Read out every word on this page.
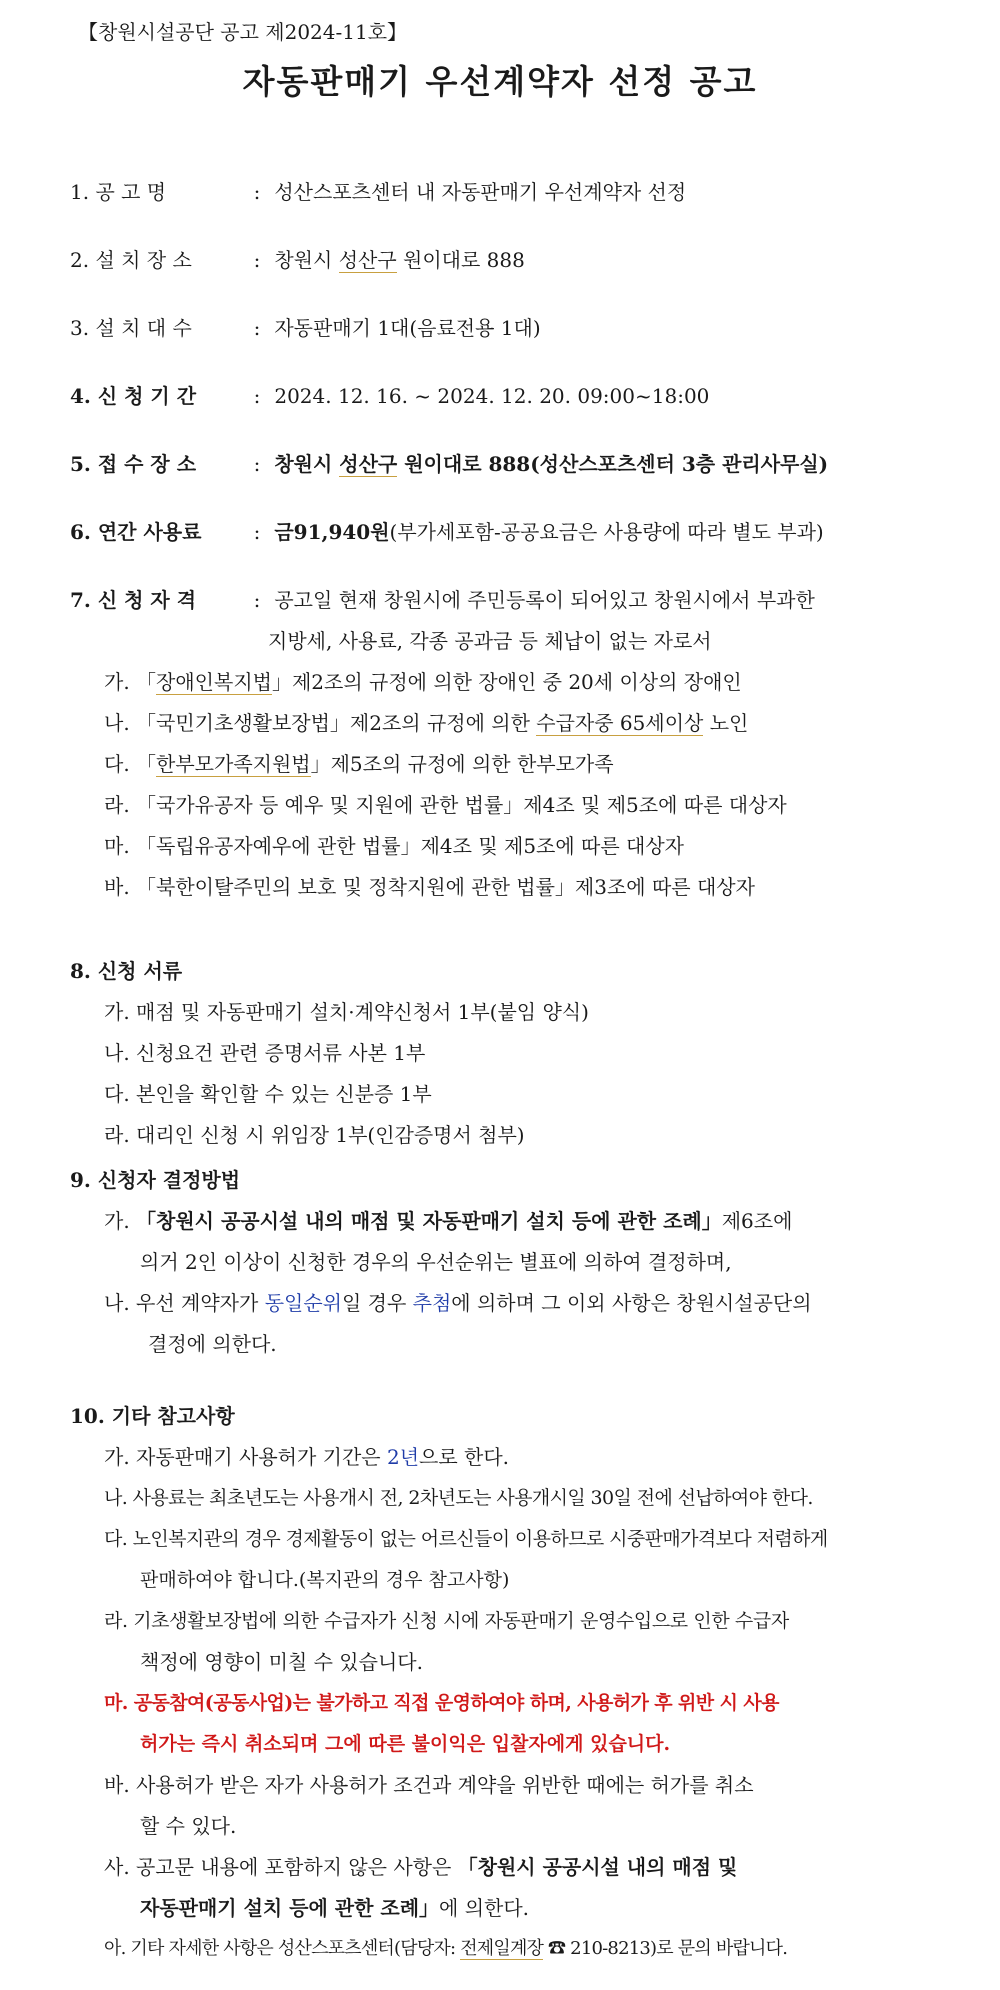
【창원시설공단 공고 제2024-11호】
자동판매기 우선계약자 선정 공고
1. 공 고 명	: 성산스포츠센터 내 자동판매기 우선계약자 선정
2. 설 치 장 소	: 창원시 성산구 원이대로 888
3. 설 치 대 수	: 자동판매기 1대(음료전용 1대)
4. 신 청 기 간	: 2024. 12. 16. ~ 2024. 12. 20. 09:00~18:00
5. 접 수 장 소	: 창원시 성산구 원이대로 888(성산스포츠센터 3층 관리사무실)
6. 연간 사용료	: 금91,940원(부가세포함-공공요금은 사용량에 따라 별도 부과)
7. 신 청 자 격	: 공고일 현재 창원시에 주민등록이 되어있고 창원시에서 부과한
지방세, 사용료, 각종 공과금 등 체납이 없는 자로서
가. 「장애인복지법」제2조의 규정에 의한 장애인 중 20세 이상의 장애인
나. 「국민기초생활보장법」제2조의 규정에 의한 수급자중 65세이상 노인
다. 「한부모가족지원법」제5조의 규정에 의한 한부모가족
라. 「국가유공자 등 예우 및 지원에 관한 법률」제4조 및 제5조에 따른 대상자
마. 「독립유공자예우에 관한 법률」제4조 및 제5조에 따른 대상자
바. 「북한이탈주민의 보호 및 정착지원에 관한 법률」제3조에 따른 대상자
8. 신청 서류
가. 매점 및 자동판매기 설치·계약신청서 1부(붙임 양식)
나. 신청요건 관련 증명서류 사본 1부
다. 본인을 확인할 수 있는 신분증 1부
라. 대리인 신청 시 위임장 1부(인감증명서 첨부)
9. 신청자 결정방법
가. 「창원시 공공시설 내의 매점 및 자동판매기 설치 등에 관한 조례」제6조에
의거 2인 이상이 신청한 경우의 우선순위는 별표에 의하여 결정하며,
나. 우선 계약자가 동일순위일 경우 추첨에 의하며 그 이외 사항은 창원시설공단의
결정에 의한다.
10. 기타 참고사항
가. 자동판매기 사용허가 기간은 2년으로 한다.
나. 사용료는 최초년도는 사용개시 전, 2차년도는 사용개시일 30일 전에 선납하여야 한다.
다. 노인복지관의 경우 경제활동이 없는 어르신들이 이용하므로 시중판매가격보다 저렴하게
판매하여야 합니다.(복지관의 경우 참고사항)
라. 기초생활보장법에 의한 수급자가 신청 시에 자동판매기 운영수입으로 인한 수급자
책정에 영향이 미칠 수 있습니다.
마. 공동참여(공동사업)는 불가하고 직접 운영하여야 하며, 사용허가 후 위반 시 사용
허가는 즉시 취소되며 그에 따른 불이익은 입찰자에게 있습니다.
바. 사용허가 받은 자가 사용허가 조건과 계약을 위반한 때에는 허가를 취소
할 수 있다.
사. 공고문 내용에 포함하지 않은 사항은 「창원시 공공시설 내의 매점 및
자동판매기 설치 등에 관한 조례」에 의한다.
아. 기타 자세한 사항은 성산스포츠센터(담당자: 전제일계장 ☎ 210-8213)로 문의 바랍니다.
